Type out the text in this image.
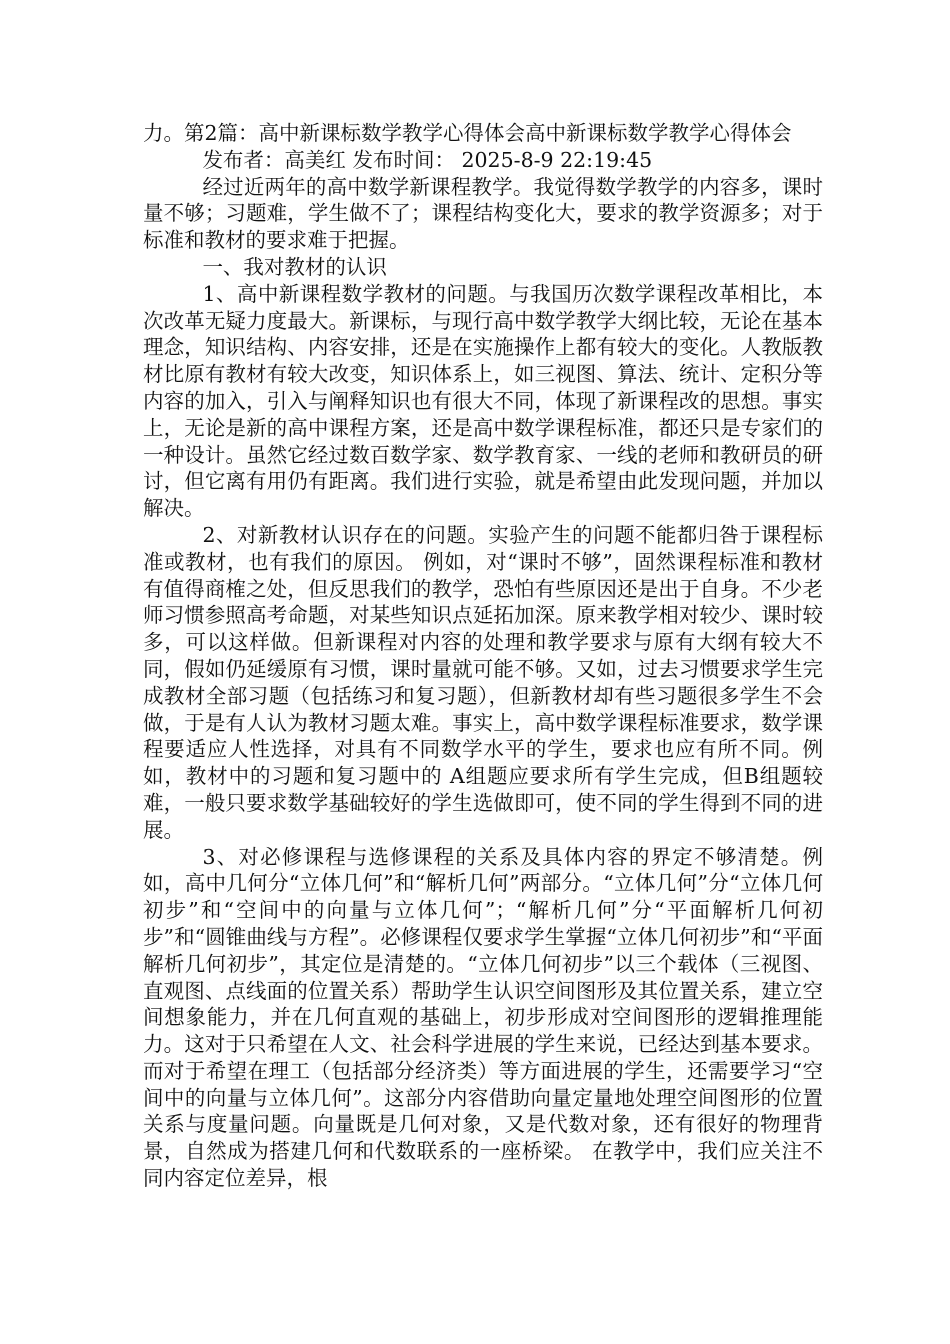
力。第2篇：高中新课标数学教学心得体会高中新课标数学教学心得体会

发布者：高美红 发布时间： 2025-8-9 22:19:45

经过近两年的高中数学新课程教学。我觉得数学教学的内容多，课时量不够；习题难，学生做不了；课程结构变化大，要求的教学资源多；对于标准和教材的要求难于把握。

一、我对教材的认识

1、高中新课程数学教材的问题。与我国历次数学课程改革相比，本次改革无疑力度最大。新课标，与现行高中数学教学大纲比较，无论在基本理念，知识结构、内容安排，还是在实施操作上都有较大的变化。人教版教材比原有教材有较大改变，知识体系上，如三视图、算法、统计、定积分等内容的加入，引入与阐释知识也有很大不同，体现了新课程改的思想。事实上，无论是新的高中课程方案，还是高中数学课程标准，都还只是专家们的一种设计。虽然它经过数百数学家、数学教育家、一线的老师和教研员的研讨，但它离有用仍有距离。我们进行实验，就是希望由此发现问题，并加以解决。

2、对新教材认识存在的问题。实验产生的问题不能都归咎于课程标准或教材，也有我们的原因。 例如，对“课时不够”，固然课程标准和教材有值得商榷之处，但反思我们的教学，恐怕有些原因还是出于自身。不少老师习惯参照高考命题，对某些知识点延拓加深。原来教学相对较少、课时较多，可以这样做。但新课程对内容的处理和教学要求与原有大纲有较大不同，假如仍延缓原有习惯，课时量就可能不够。又如，过去习惯要求学生完成教材全部习题（包括练习和复习题），但新教材却有些习题很多学生不会做，于是有人认为教材习题太难。事实上，高中数学课程标准要求，数学课程要适应人性选择，对具有不同数学水平的学生，要求也应有所不同。例如，教材中的习题和复习题中的 A组题应要求所有学生完成，但B组题较难，一般只要求数学基础较好的学生选做即可，使不同的学生得到不同的进展。

3、对必修课程与选修课程的关系及具体内容的界定不够清楚。例如，高中几何分“立体几何”和“解析几何”两部分。“立体几何”分“立体几何初步”和“空间中的向量与立体几何”；“解析几何”分“平面解析几何初步”和“圆锥曲线与方程”。必修课程仅要求学生掌握“立体几何初步”和“平面解析几何初步”，其定位是清楚的。“立体几何初步”以三个载体（三视图、直观图、点线面的位置关系）帮助学生认识空间图形及其位置关系，建立空间想象能力，并在几何直观的基础上，初步形成对空间图形的逻辑推理能力。这对于只希望在人文、社会科学进展的学生来说，已经达到基本要求。而对于希望在理工（包括部分经济类）等方面进展的学生，还需要学习“空间中的向量与立体几何”。这部分内容借助向量定量地处理空间图形的位置关系与度量问题。向量既是几何对象，又是代数对象，还有很好的物理背景，自然成为搭建几何和代数联系的一座桥梁。 在教学中，我们应关注不同内容定位差异，根
